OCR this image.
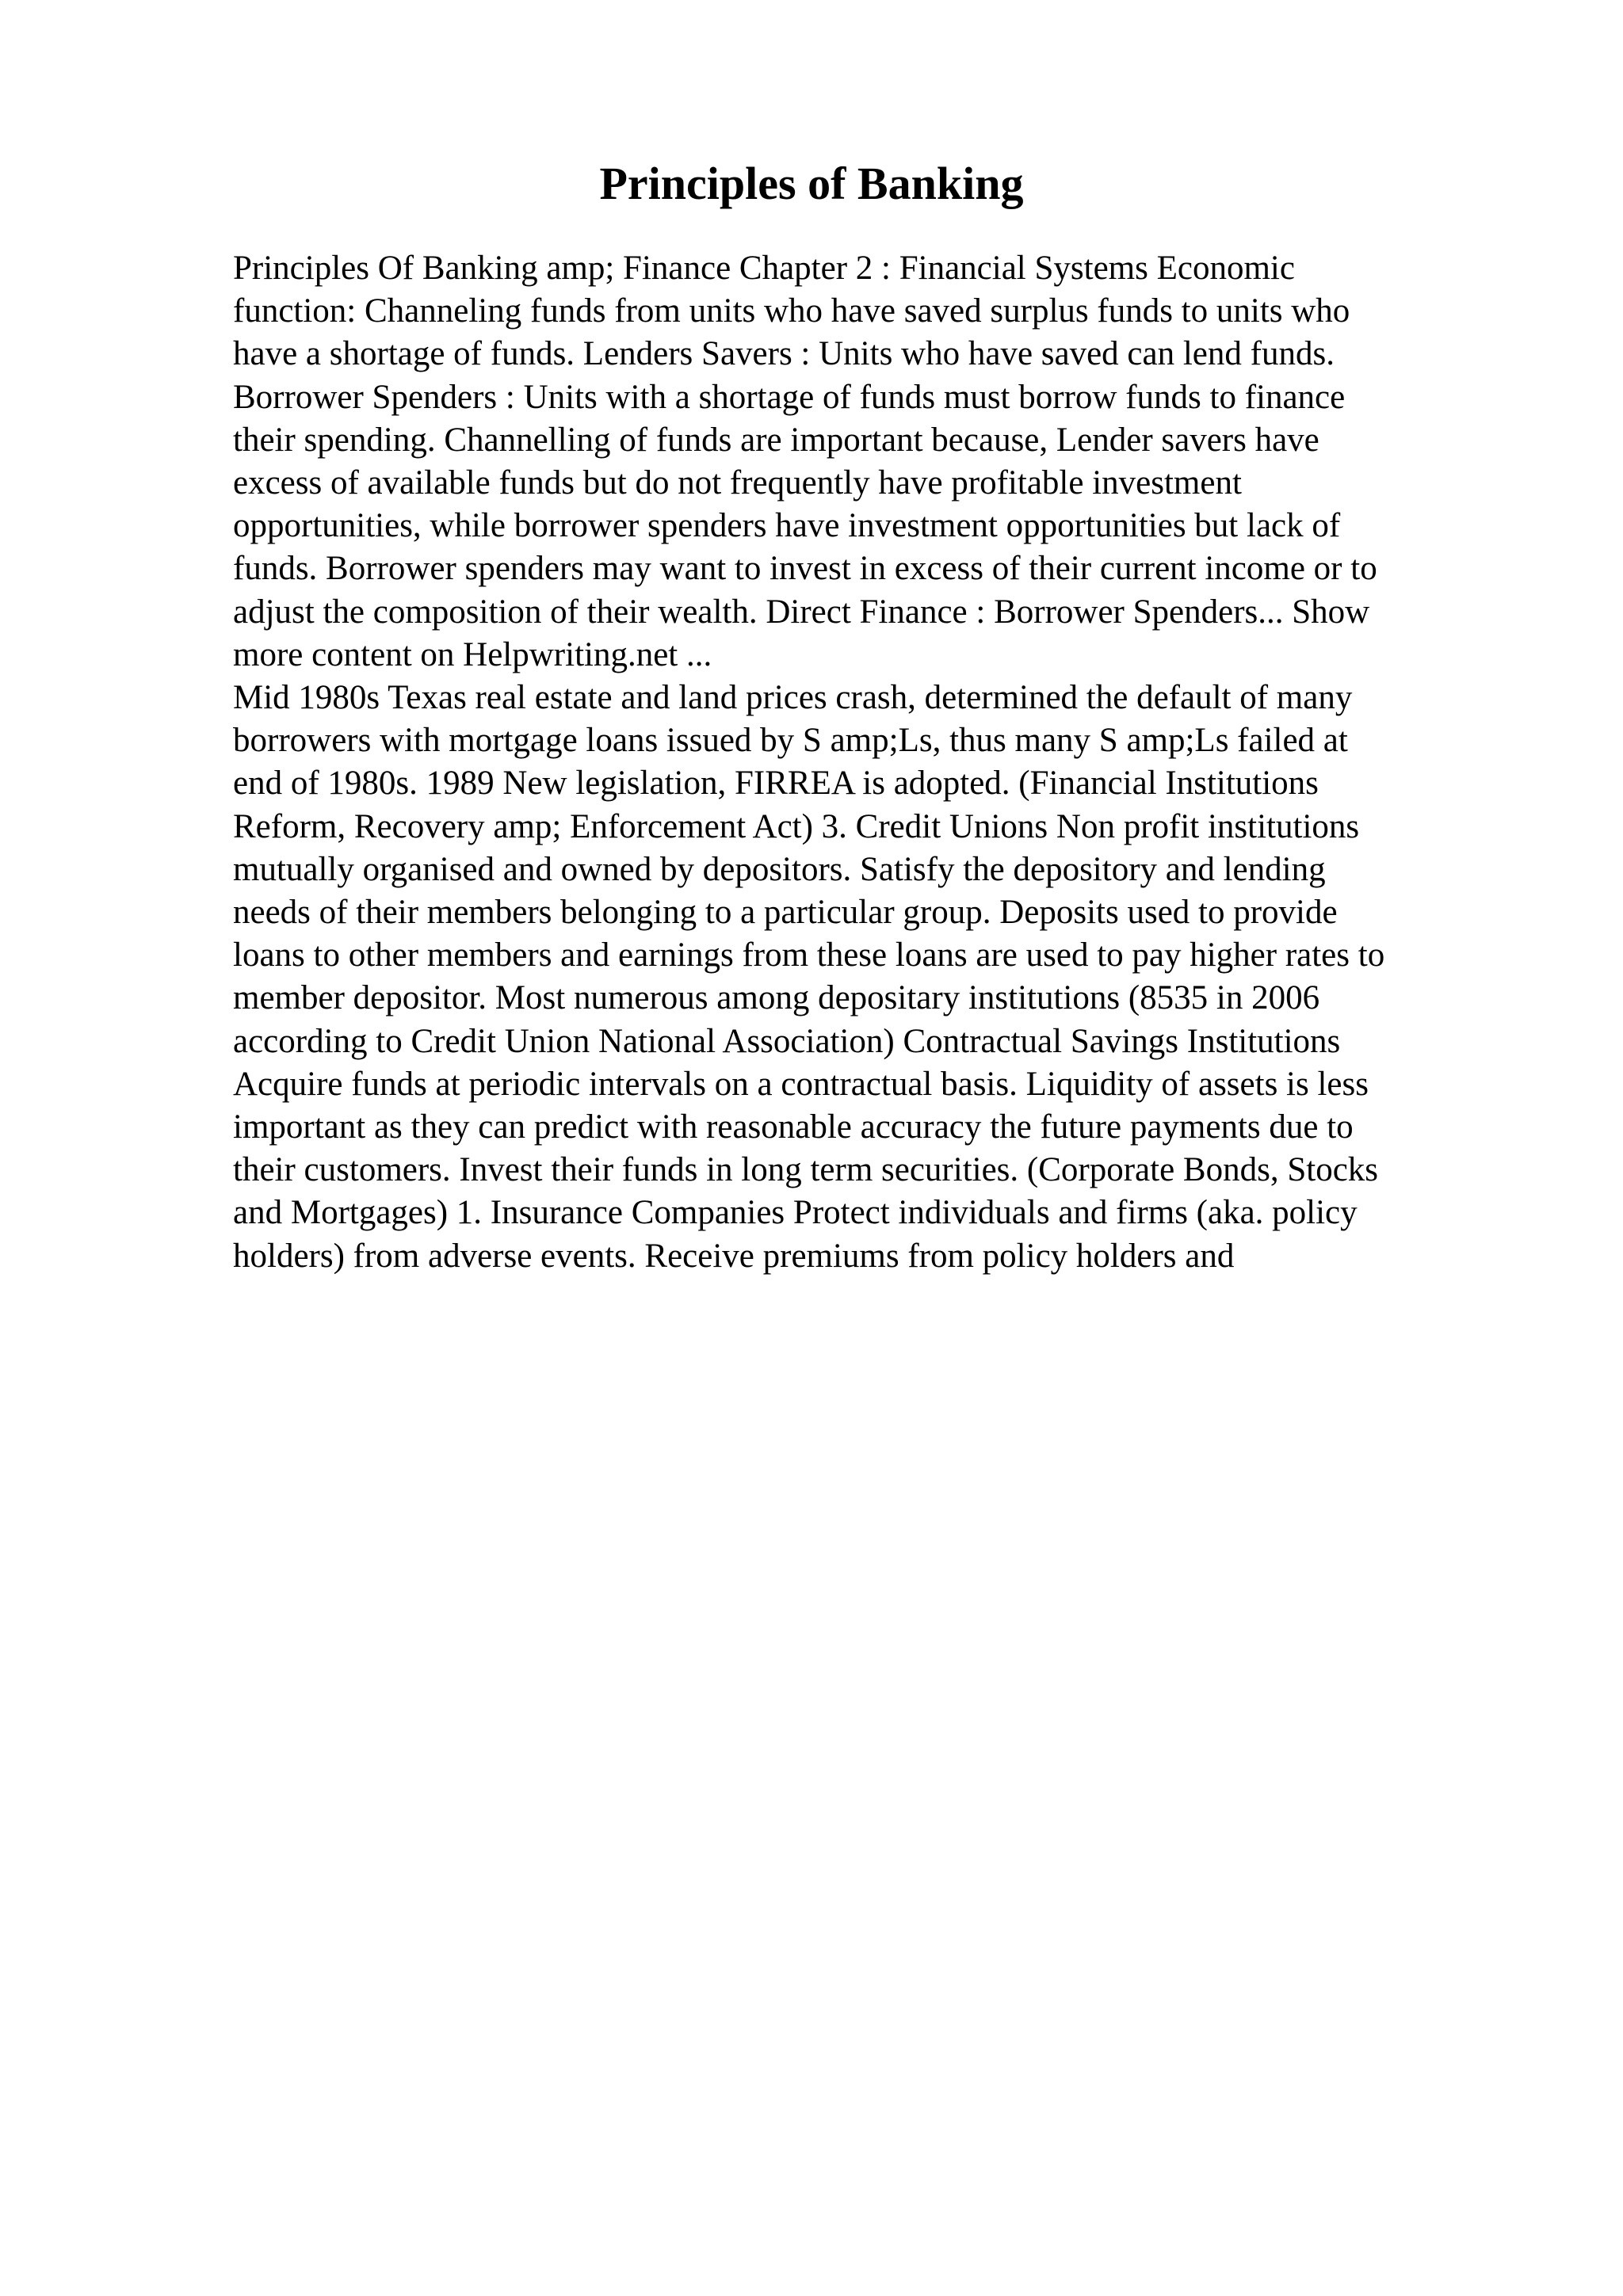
Principles of Banking

Principles Of Banking amp; Finance Chapter 2 : Financial Systems Economic
function: Channeling funds from units who have saved surplus funds to units who
have a shortage of funds. Lenders Savers : Units who have saved can lend funds.
Borrower Spenders : Units with a shortage of funds must borrow funds to finance
their spending. Channelling of funds are important because, Lender savers have
excess of available funds but do not frequently have profitable investment
opportunities, while borrower spenders have investment opportunities but lack of
funds. Borrower spenders may want to invest in excess of their current income or to
adjust the composition of their wealth. Direct Finance : Borrower Spenders... Show
more content on Helpwriting.net ...

Mid 1980s Texas real estate and land prices crash, determined the default of many
borrowers with mortgage loans issued by S amp;Ls, thus many S amp;Ls failed at
end of 1980s. 1989 New legislation, FIRREA is adopted. (Financial Institutions
Reform, Recovery amp; Enforcement Act) 3. Credit Unions Non profit institutions
mutually organised and owned by depositors. Satisfy the depository and lending
needs of their members belonging to a particular group. Deposits used to provide
loans to other members and earnings from these loans are used to pay higher rates to
member depositor. Most numerous among depositary institutions (8535 in 2006
according to Credit Union National Association) Contractual Savings Institutions
Acquire funds at periodic intervals on a contractual basis. Liquidity of assets is less
important as they can predict with reasonable accuracy the future payments due to
their customers. Invest their funds in long term securities. (Corporate Bonds, Stocks
and Mortgages) 1. Insurance Companies Protect individuals and firms (aka. policy
holders) from adverse events. Receive premiums from policy holders and
